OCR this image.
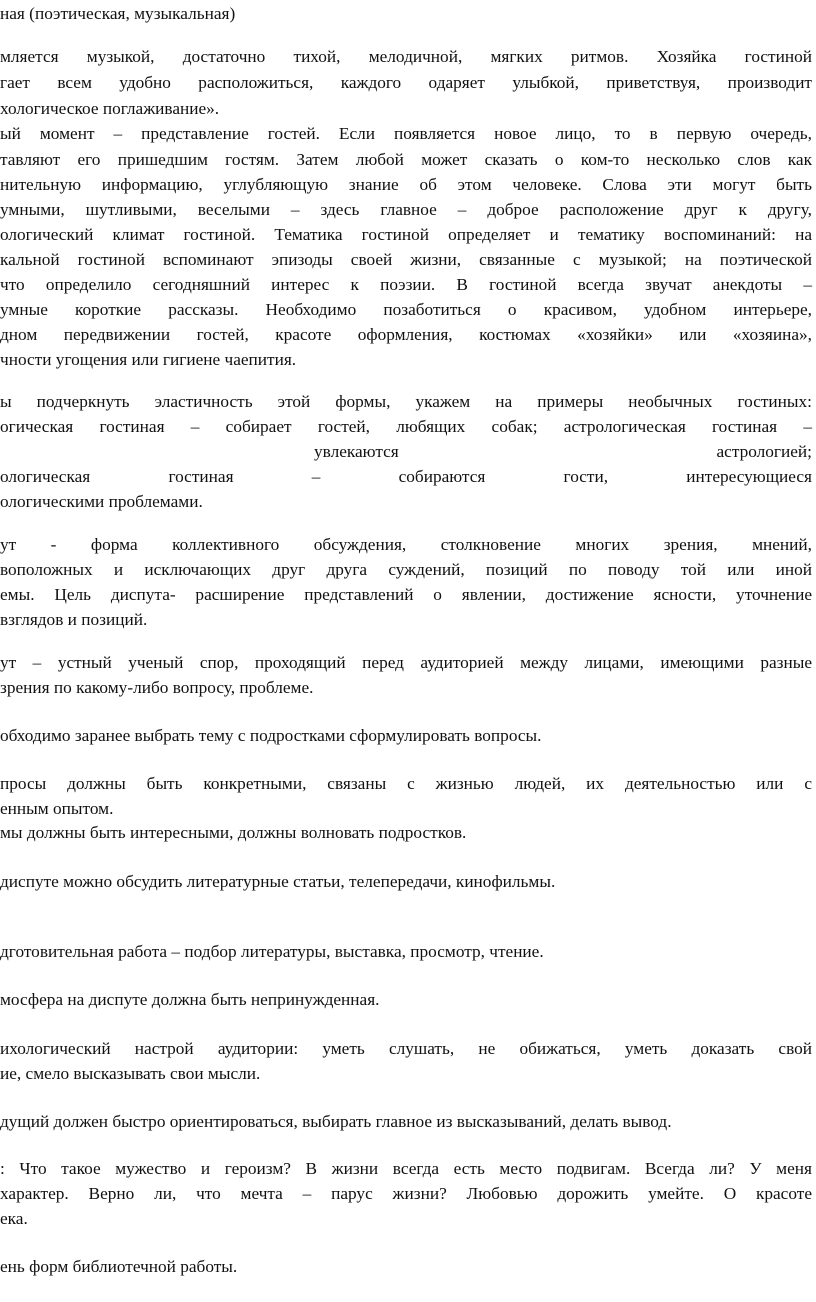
ная (поэтическая, музыкальная)
мляется музыкой, достаточно тихой, мелодичной, мягких ритмов. Хозяйка гостиной
гает всем удобно расположиться, каждого одаряет улыбкой, приветствуя, производит
хологическое поглаживание».
ый момент – представление гостей. Если появляется новое лицо, то в первую очередь,
тавляют его пришедшим гостям. Затем любой может сказать о ком-то несколько слов как
нительную информацию, углубляющую знание об этом человеке. Слова эти могут быть
умными, шутливыми, веселыми – здесь главное – доброе расположение друг к другу,
ологический климат гостиной. Тематика гостиной определяет и тематику воспоминаний: на
кальной гостиной вспоминают эпизоды своей жизни, связанные с музыкой; на поэтической
что определило сегодняшний интерес к поэзии. В гостиной всегда звучат анекдоты –
умные короткие рассказы. Необходимо позаботиться о красивом, удобном интерьере,
дном передвижении гостей, красоте оформления, костюмах «хозяйки» или «хозяина»,
чности угощения или гигиене чаепития.
ы подчеркнуть эластичность этой формы, укажем на примеры необычных гостиных:
огическая гостиная – собирает гостей, любящих собак; астрологическая гостиная –
увлекаются астрологией;
ологическая гостиная – собираются гости, интересующиеся
ологическими проблемами.
ут - форма коллективного обсуждения, столкновение многих зрения, мнений,
воположных и исключающих друг друга суждений, позиций по поводу той или иной
емы. Цель диспута- расширение представлений о явлении, достижение ясности, уточнение
взглядов и позиций.
ут – устный ученый спор, проходящий перед аудиторией между лицами, имеющими разные
зрения по какому-либо вопросу, проблеме.
обходимо заранее выбрать тему с подростками сформулировать вопросы.
просы должны быть конкретными, связаны с жизнью людей, их деятельностью или с
енным опытом.
мы должны быть интересными, должны волновать подростков.
диспуте можно обсудить литературные статьи, телепередачи, кинофильмы.
дготовительная работа – подбор литературы, выставка, просмотр, чтение.
мосфера на диспуте должна быть непринужденная.
ихологический настрой аудитории: уметь слушать, не обижаться, уметь доказать свой
ие, смело высказывать свои мысли.
дущий должен быстро ориентироваться, выбирать главное из высказываний, делать вывод.
: Что такое мужество и героизм? В жизни всегда есть место подвигам. Всегда ли? У меня
характер. Верно ли, что мечта – парус жизни? Любовью дорожить умейте. О красоте
ека.
ень форм библиотечной работы.
